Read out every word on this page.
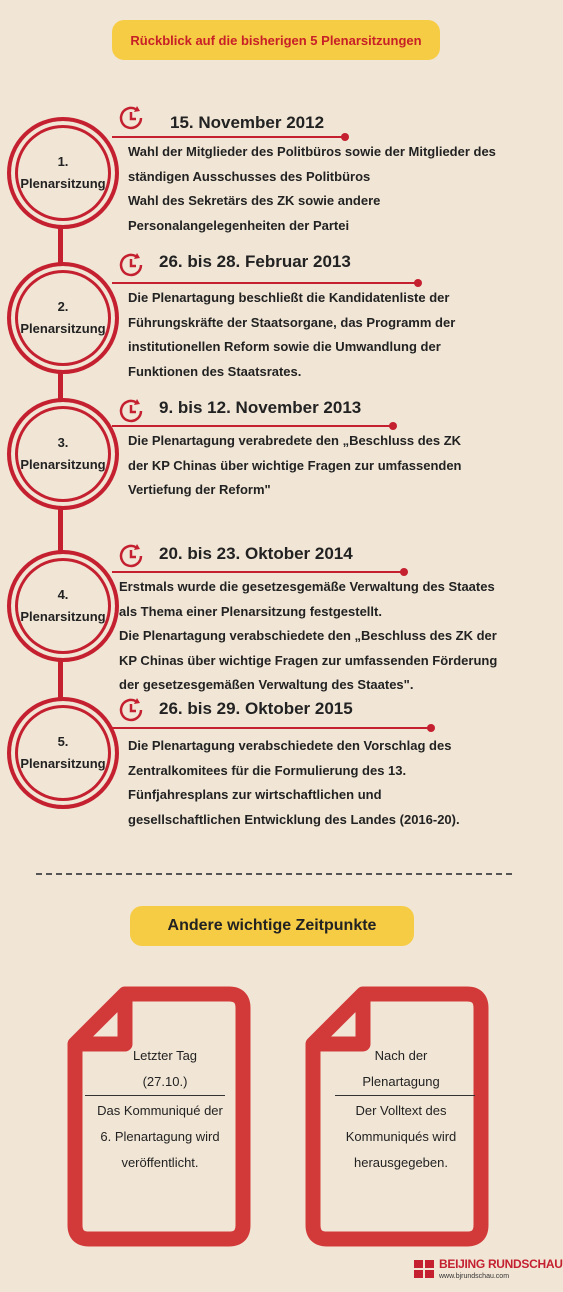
Rückblick auf die bisherigen 5 Plenarsitzungen
1.
Plenarsitzung
15. November 2012

Wahl der Mitglieder des Politbüros sowie der Mitglieder des

ständigen Ausschusses des Politbüros

Wahl des Sekretärs des ZK sowie andere

Personalangelegenheiten der Partei

2.
Plenarsitzung
26. bis 28. Februar 2013

Die Plenartagung beschließt die Kandidatenliste der

Führungskräfte der Staatsorgane, das Programm der

institutionellen Reform sowie die Umwandlung der

Funktionen des Staatsrates.

3.
Plenarsitzung
9. bis 12. November 2013

Die Plenartagung verabredete den „Beschluss des ZK

der KP Chinas über wichtige Fragen zur umfassenden

Vertiefung der Reform"

4.
Plenarsitzung
20. bis 23. Oktober 2014

Erstmals wurde die gesetzesgemäße Verwaltung des Staates

als Thema einer Plenarsitzung festgestellt.

Die Plenartagung verabschiedete den „Beschluss des ZK der

KP Chinas über wichtige Fragen zur umfassenden Förderung

der gesetzesgemäßen Verwaltung des Staates".

5.
Plenarsitzung
26. bis 29. Oktober 2015

Die Plenartagung verabschiedete den Vorschlag des

Zentralkomitees für die Formulierung des 13.

Fünfjahresplans zur wirtschaftlichen und

gesellschaftlichen Entwicklung des Landes (2016-20).

Andere wichtige Zeitpunkte
Letzter Tag
(27.10.)
Das Kommuniqué der
6. Plenartagung wird
veröffentlicht.
Nach der
Plenartagung
Der Volltext des
Kommuniqués wird
herausgegeben.
BEIJING RUNDSCHAU
www.bjrundschau.com
